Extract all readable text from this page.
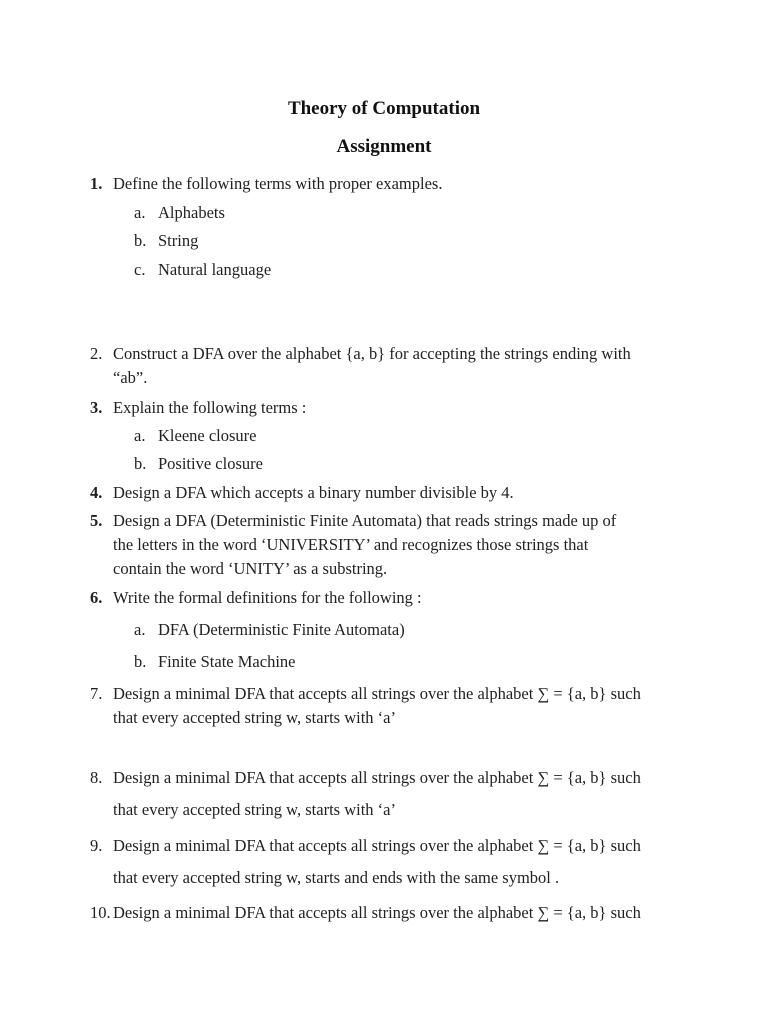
Theory of Computation
Assignment
1. Define the following terms with proper examples.
a. Alphabets
b. String
c. Natural language
2. Construct a DFA over the alphabet {a, b} for accepting the strings ending with
“ab”.
3. Explain the following terms :
a. Kleene closure
b. Positive closure
4. Design a DFA which accepts a binary number divisible by 4.
5. Design a DFA (Deterministic Finite Automata) that reads strings made up of
the letters in the word ‘UNIVERSITY’ and recognizes those strings that
contain the word ‘UNITY’ as a substring.
6. Write the formal definitions for the following :
a. DFA (Deterministic Finite Automata)
b. Finite State Machine
7. Design a minimal DFA that accepts all strings over the alphabet ∑ = {a, b} such
that every accepted string w, starts with ‘a’
8. Design a minimal DFA that accepts all strings over the alphabet ∑ = {a, b} such
that every accepted string w, starts with ‘a’
9. Design a minimal DFA that accepts all strings over the alphabet ∑ = {a, b} such
that every accepted string w, starts and ends with the same symbol .
10. Design a minimal DFA that accepts all strings over the alphabet ∑ = {a, b} such
